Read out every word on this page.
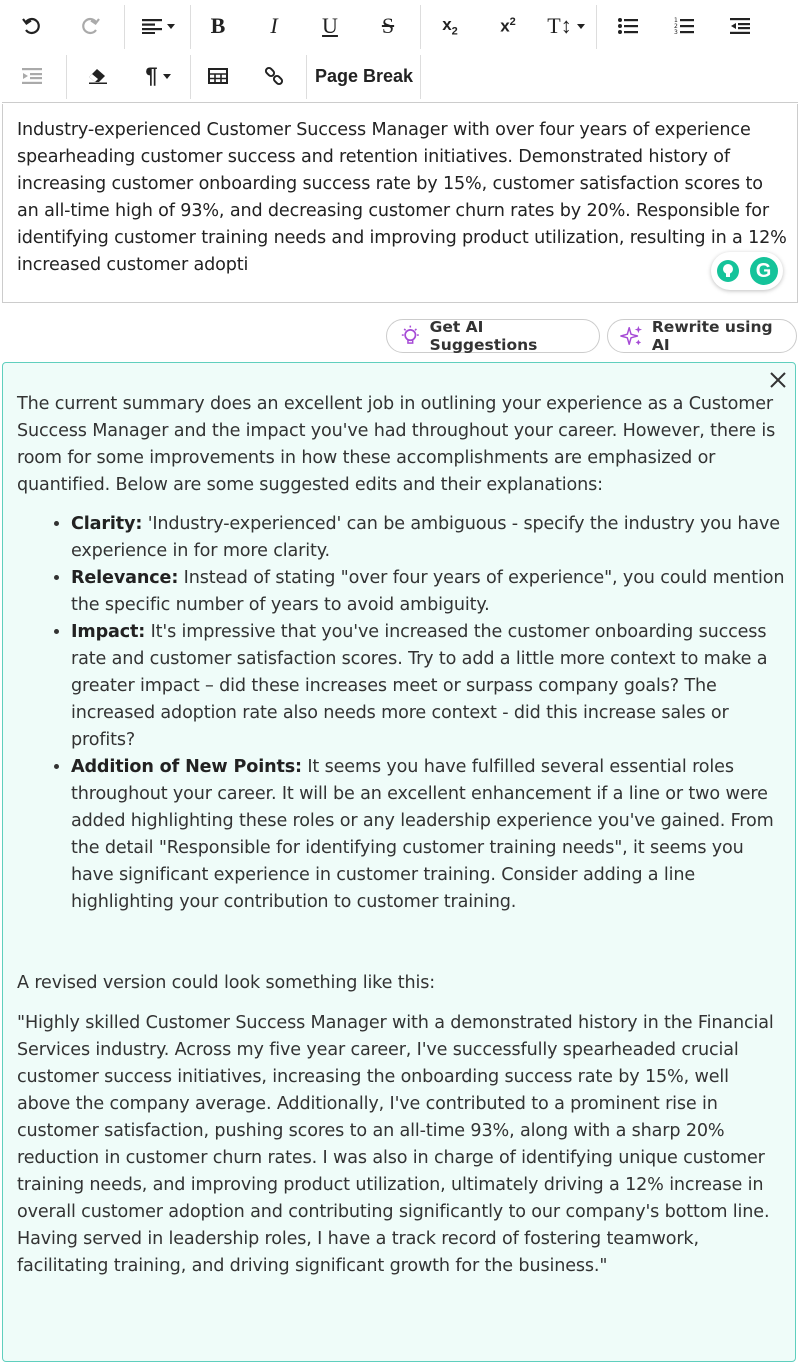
B I U S	$x_2$ $x^2$ T↕	1
2
3
¶	Page Break
Industry-experienced Customer Success Manager with over four years of experience spearheading customer success and retention initiatives. Demonstrated history of increasing customer onboarding success rate by 15%, customer satisfaction scores to an all-time high of 93%, and decreasing customer churn rates by 20%. Responsible for identifying customer training needs and improving product utilization, resulting in a 12% increased customer adopti	G
Get AI Suggestions
Rewrite using AI

The current summary does an excellent job in outlining your experience as a Customer Success Manager and the impact you've had throughout your career. However, there is room for some improvements in how these accomplishments are emphasized or quantified. Below are some suggested edits and their explanations:

• Clarity: 'Industry-experienced' can be ambiguous - specify the industry you have experience in for more clarity.
• Relevance: Instead of stating "over four years of experience", you could mention the specific number of years to avoid ambiguity.
• Impact: It's impressive that you've increased the customer onboarding success rate and customer satisfaction scores. Try to add a little more context to make a greater impact – did these increases meet or surpass company goals? The increased adoption rate also needs more context - did this increase sales or profits?
• Addition of New Points: It seems you have fulfilled several essential roles throughout your career. It will be an excellent enhancement if a line or two were added highlighting these roles or any leadership experience you've gained. From the detail "Responsible for identifying customer training needs", it seems you have significant experience in customer training. Consider adding a line highlighting your contribution to customer training.

A revised version could look something like this:

"Highly skilled Customer Success Manager with a demonstrated history in the Financial Services industry. Across my five year career, I've successfully spearheaded crucial customer success initiatives, increasing the onboarding success rate by 15%, well above the company average. Additionally, I've contributed to a prominent rise in customer satisfaction, pushing scores to an all-time 93%, along with a sharp 20% reduction in customer churn rates. I was also in charge of identifying unique customer training needs, and improving product utilization, ultimately driving a 12% increase in overall customer adoption and contributing significantly to our company's bottom line. Having served in leadership roles, I have a track record of fostering teamwork, facilitating training, and driving significant growth for the business."
